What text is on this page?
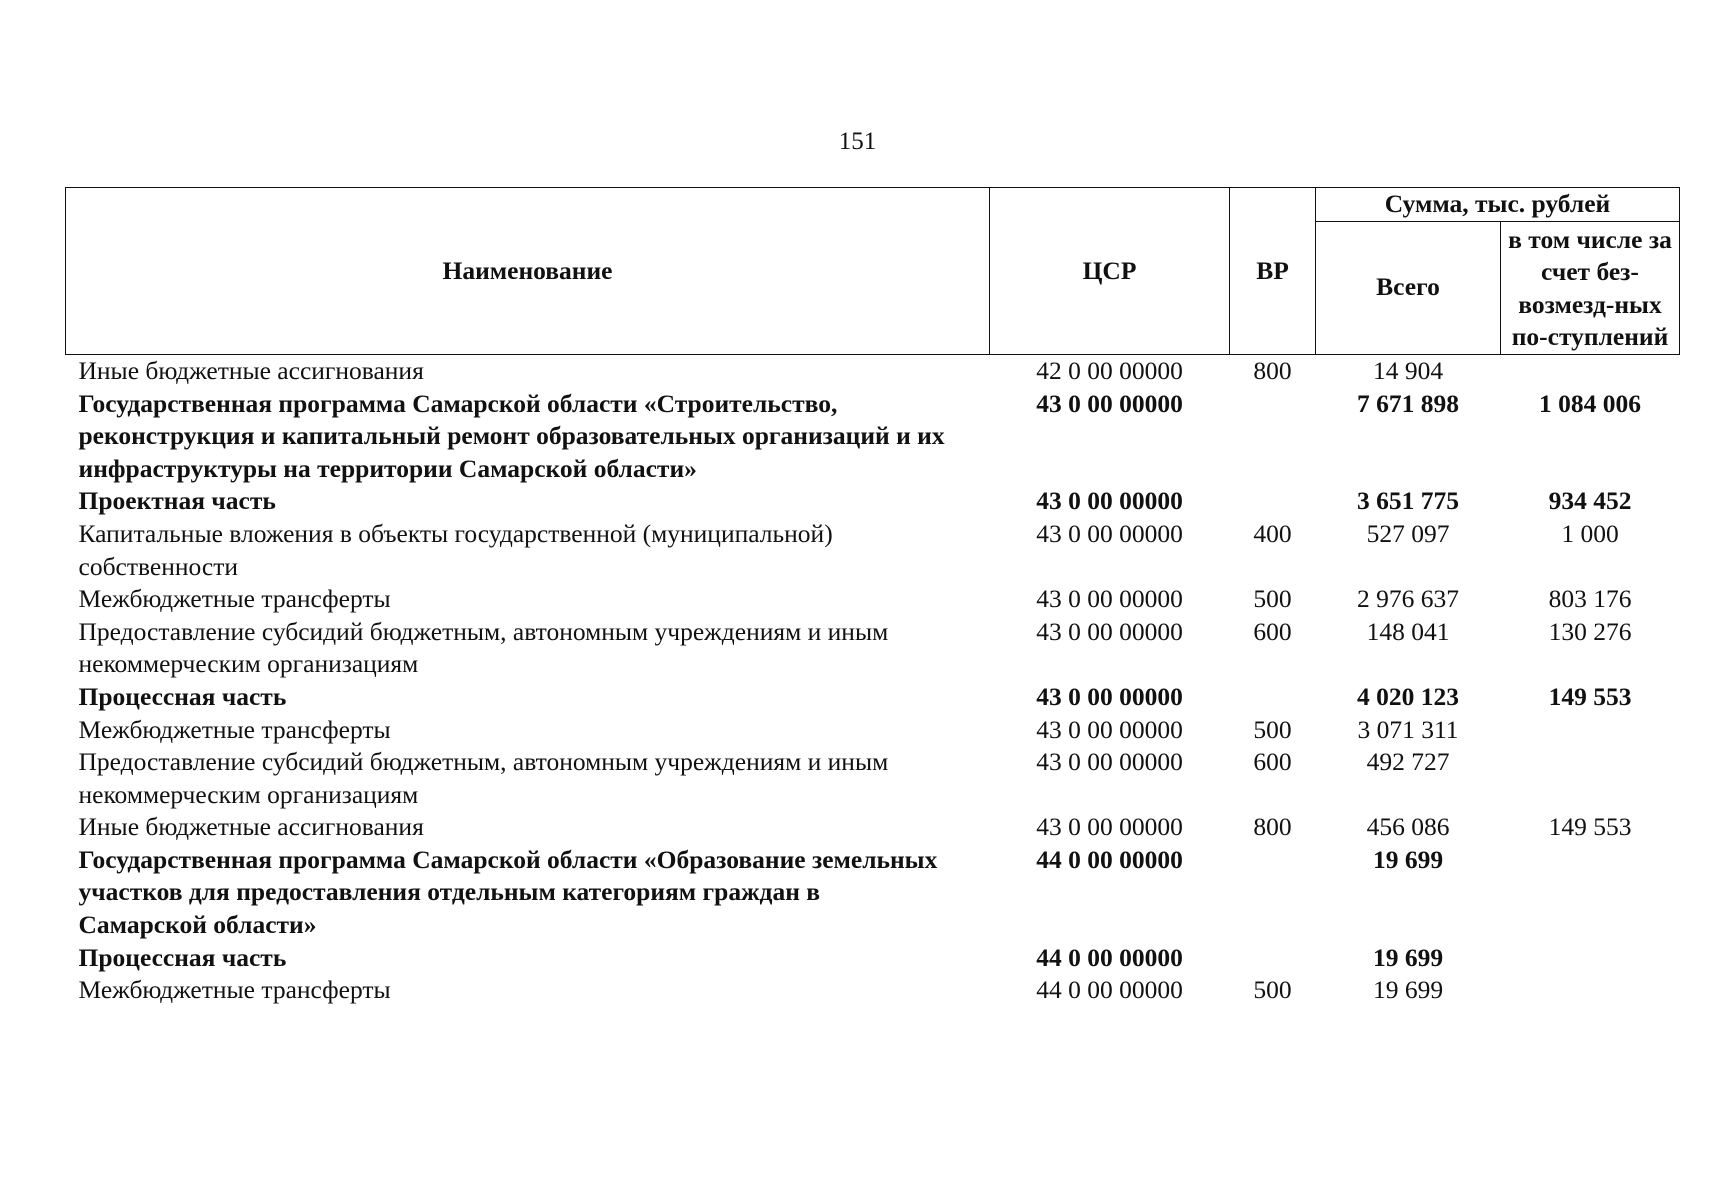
151
Наименование	ЦСР	ВР	Сумма, тыс. рублей	
			Всего	в том числе за счет без-возмезд-ных по-ступлений
Иные бюджетные ассигнования	42 0 00 00000	800	14 904	
Государственная программа Самарской области «Строительство, реконструкция и капитальный ремонт образовательных организаций и их инфраструктуры на территории Самарской области»	43 0 00 00000		7 671 898	1 084 006
Проектная часть	43 0 00 00000		3 651 775	934 452
Капитальные вложения в объекты государственной (муниципальной) собственности	43 0 00 00000	400	527 097	1 000
Межбюджетные трансферты	43 0 00 00000	500	2 976 637	803 176
Предоставление субсидий бюджетным, автономным учреждениям и иным некоммерческим организациям	43 0 00 00000	600	148 041	130 276
Процессная часть	43 0 00 00000		4 020 123	149 553
Межбюджетные трансферты	43 0 00 00000	500	3 071 311	
Предоставление субсидий бюджетным, автономным учреждениям и иным некоммерческим организациям	43 0 00 00000	600	492 727	
Иные бюджетные ассигнования	43 0 00 00000	800	456 086	149 553
Государственная программа Самарской области «Образование земельных участков для предоставления отдельным категориям граждан в Самарской области»	44 0 00 00000		19 699	
Процессная часть	44 0 00 00000		19 699	
Межбюджетные трансферты	44 0 00 00000	500	19 699	
